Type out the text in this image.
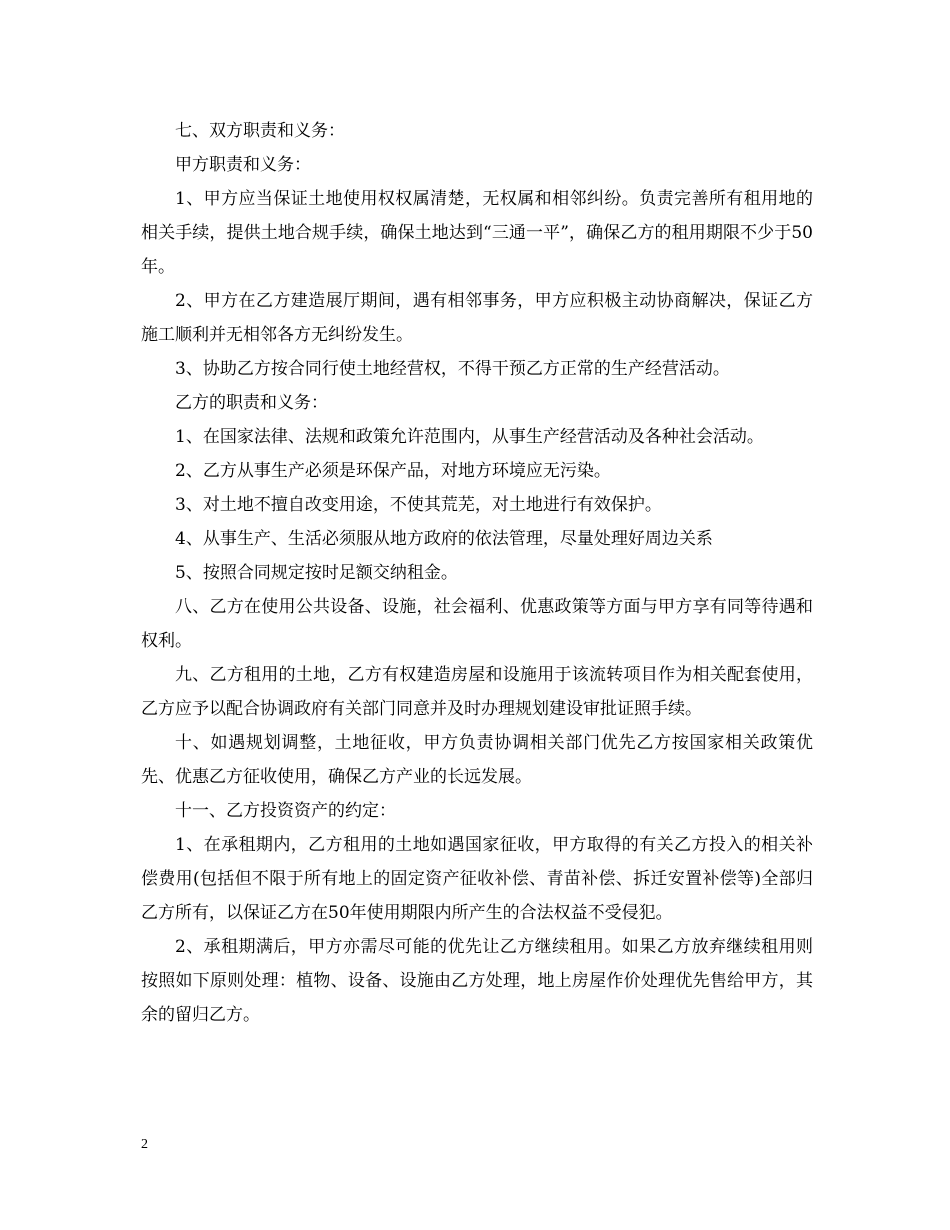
七、双方职责和义务：

甲方职责和义务：

1、甲方应当保证土地使用权权属清楚，无权属和相邻纠纷。负责完善所有租用地的相关手续，提供土地合规手续，确保土地达到“三通一平”，确保乙方的租用期限不少于50年。

2、甲方在乙方建造展厅期间，遇有相邻事务，甲方应积极主动协商解决，保证乙方施工顺利并无相邻各方无纠纷发生。

3、协助乙方按合同行使土地经营权，不得干预乙方正常的生产经营活动。

乙方的职责和义务：

1、在国家法律、法规和政策允许范围内，从事生产经营活动及各种社会活动。

2、乙方从事生产必须是环保产品，对地方环境应无污染。

3、对土地不擅自改变用途，不使其荒芜，对土地进行有效保护。

4、从事生产、生活必须服从地方政府的依法管理，尽量处理好周边关系

5、按照合同规定按时足额交纳租金。

八、乙方在使用公共设备、设施，社会福利、优惠政策等方面与甲方享有同等待遇和权利。

九、乙方租用的土地，乙方有权建造房屋和设施用于该流转项目作为相关配套使用，乙方应予以配合协调政府有关部门同意并及时办理规划建设审批证照手续。

十、如遇规划调整，土地征收，甲方负责协调相关部门优先乙方按国家相关政策优先、优惠乙方征收使用，确保乙方产业的长远发展。

十一、乙方投资资产的约定：

1、在承租期内，乙方租用的土地如遇国家征收，甲方取得的有关乙方投入的相关补偿费用(包括但不限于所有地上的固定资产征收补偿、青苗补偿、拆迁安置补偿等)全部归乙方所有，以保证乙方在50年使用期限内所产生的合法权益不受侵犯。

2、承租期满后，甲方亦需尽可能的优先让乙方继续租用。如果乙方放弃继续租用则按照如下原则处理：植物、设备、设施由乙方处理，地上房屋作价处理优先售给甲方，其余的留归乙方。

2
